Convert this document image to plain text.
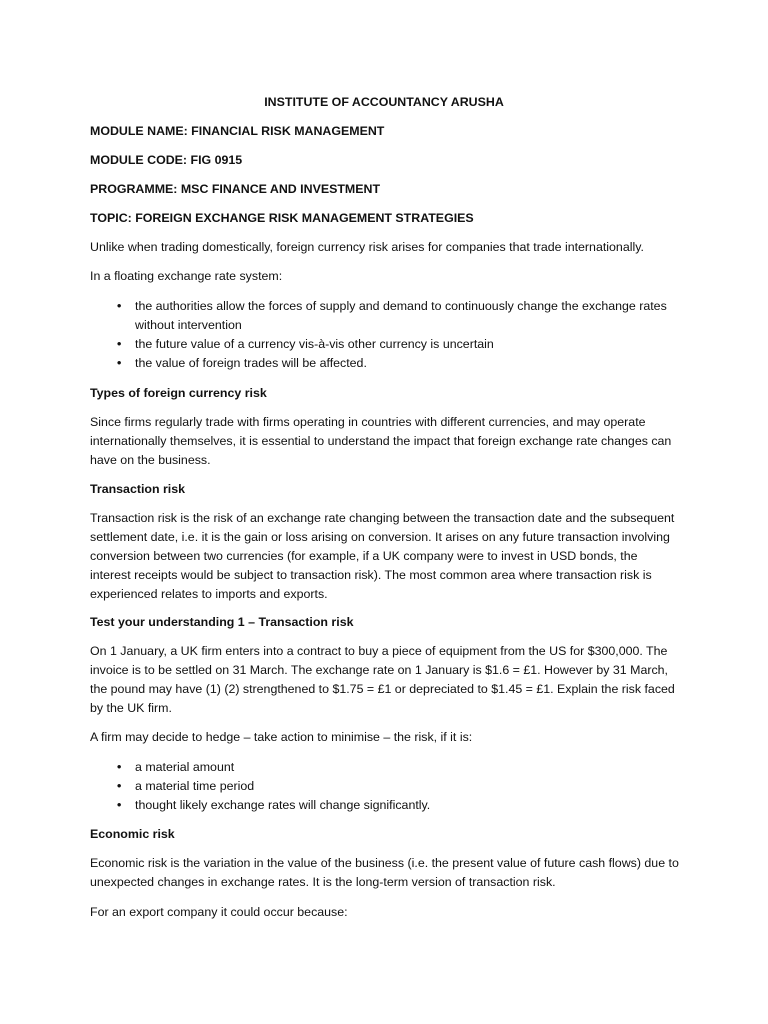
INSTITUTE OF ACCOUNTANCY ARUSHA

MODULE NAME: FINANCIAL RISK MANAGEMENT

MODULE CODE: FIG 0915

PROGRAMME: MSC FINANCE AND INVESTMENT

TOPIC: FOREIGN EXCHANGE RISK MANAGEMENT STRATEGIES

Unlike when trading domestically, foreign currency risk arises for companies that trade internationally.

In a floating exchange rate system:

• the authorities allow the forces of supply and demand to continuously change the exchange rates without intervention
• the future value of a currency vis-à-vis other currency is uncertain
• the value of foreign trades will be affected.

Types of foreign currency risk

Since firms regularly trade with firms operating in countries with different currencies, and may operate internationally themselves, it is essential to understand the impact that foreign exchange rate changes can have on the business.

Transaction risk

Transaction risk is the risk of an exchange rate changing between the transaction date and the subsequent settlement date, i.e. it is the gain or loss arising on conversion. It arises on any future transaction involving conversion between two currencies (for example, if a UK company were to invest in USD bonds, the interest receipts would be subject to transaction risk). The most common area where transaction risk is experienced relates to imports and exports.

Test your understanding 1 – Transaction risk

On 1 January, a UK firm enters into a contract to buy a piece of equipment from the US for $300,000. The invoice is to be settled on 31 March. The exchange rate on 1 January is $1.6 = £1. However by 31 March, the pound may have (1) (2) strengthened to $1.75 = £1 or depreciated to $1.45 = £1. Explain the risk faced by the UK firm.

A firm may decide to hedge – take action to minimise – the risk, if it is:

• a material amount
• a material time period
• thought likely exchange rates will change significantly.

Economic risk

Economic risk is the variation in the value of the business (i.e. the present value of future cash flows) due to unexpected changes in exchange rates. It is the long-term version of transaction risk.

For an export company it could occur because:
